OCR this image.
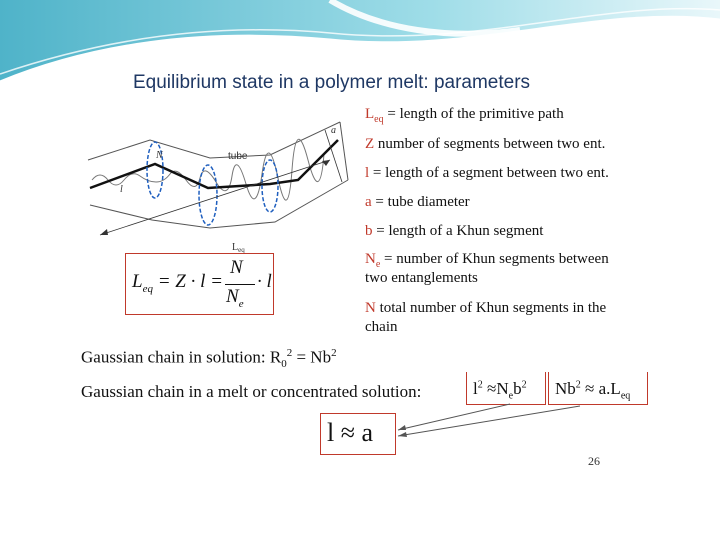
Equilibrium state in a polymer melt: parameters
tube
N
a
l
$L_{eq}$
$L_{eq}$ = length of the primitive path
Z number of segments between two ent.
l = length of a segment between two ent.
a = tube diameter
b = length of a Khun segment
$N_e$ = number of Khun segments between
two entanglements
N total number of Khun segments in the
chain
$L_{eq} = Z \cdot l$ =
N
$N_e$
· l
Gaussian chain in solution: $R_0^2 = Nb^2$
Gaussian chain in a melt or concentrated solution:	$l^2 \approx N_eb^2$ $Nb^2 \approx a.L_{eq}$
l ≈ a
26
